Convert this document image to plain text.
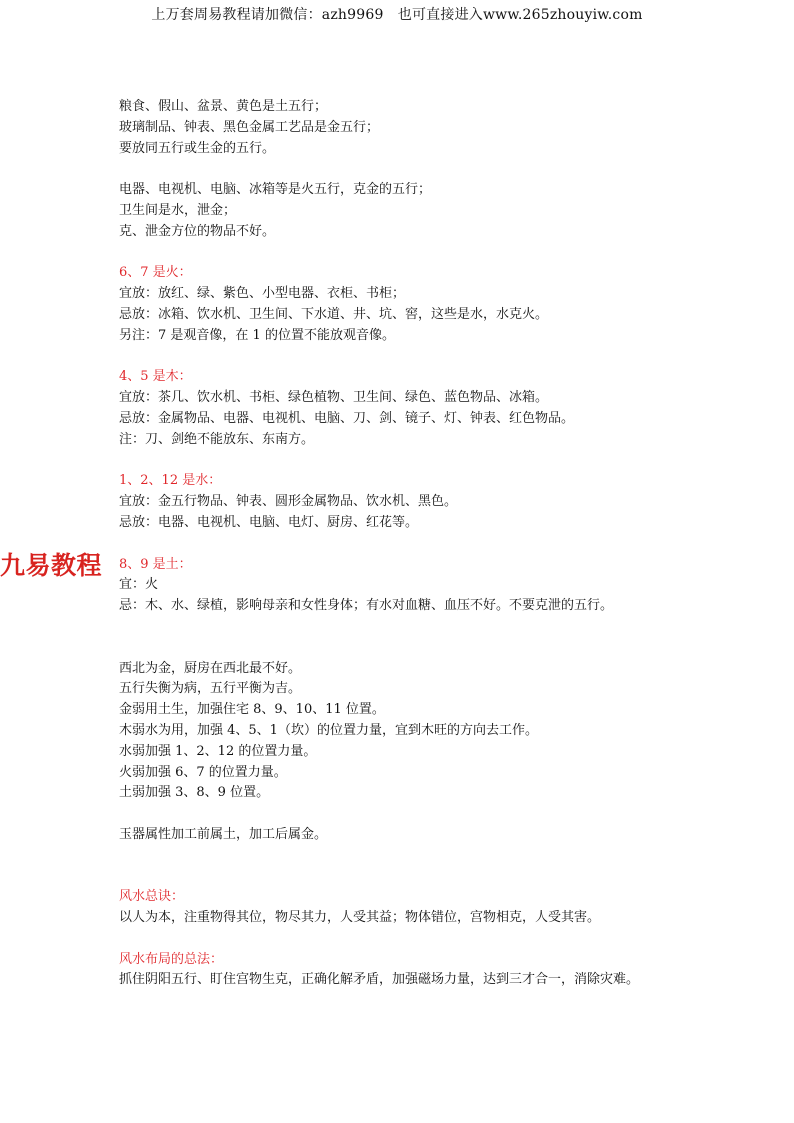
上万套周易教程请加微信：azh9969　也可直接进入www.265zhouyiw.com
九易教程
粮食、假山、盆景、黄色是土五行；
玻璃制品、钟表、黑色金属工艺品是金五行；
要放同五行或生金的五行。
电器、电视机、电脑、冰箱等是火五行，克金的五行；
卫生间是水，泄金；
克、泄金方位的物品不好。
6、7 是火：
宜放：放红、绿、紫色、小型电器、衣柜、书柜；
忌放：冰箱、饮水机、卫生间、下水道、井、坑、窖，这些是水，水克火。
另注：7 是观音像，在 1 的位置不能放观音像。
4、5 是木：
宜放：茶几、饮水机、书柜、绿色植物、卫生间、绿色、蓝色物品、冰箱。
忌放：金属物品、电器、电视机、电脑、刀、剑、镜子、灯、钟表、红色物品。
注：刀、剑绝不能放东、东南方。
1、2、12 是水：
宜放：金五行物品、钟表、圆形金属物品、饮水机、黑色。
忌放：电器、电视机、电脑、电灯、厨房、红花等。
8、9 是土：
宜：火
忌：木、水、绿植，影响母亲和女性身体；有水对血糖、血压不好。不要克泄的五行。
西北为金，厨房在西北最不好。
五行失衡为病，五行平衡为吉。
金弱用土生，加强住宅 8、9、10、11 位置。
木弱水为用，加强 4、5、1（坎）的位置力量，宜到木旺的方向去工作。
水弱加强 1、2、12 的位置力量。
火弱加强 6、7 的位置力量。
土弱加强 3、8、9 位置。
玉器属性加工前属土，加工后属金。
风水总诀：
以人为本，注重物得其位，物尽其力，人受其益；物体错位，宫物相克，人受其害。
风水布局的总法：
抓住阴阳五行、盯住宫物生克，正确化解矛盾，加强磁场力量，达到三才合一，消除灾难。
